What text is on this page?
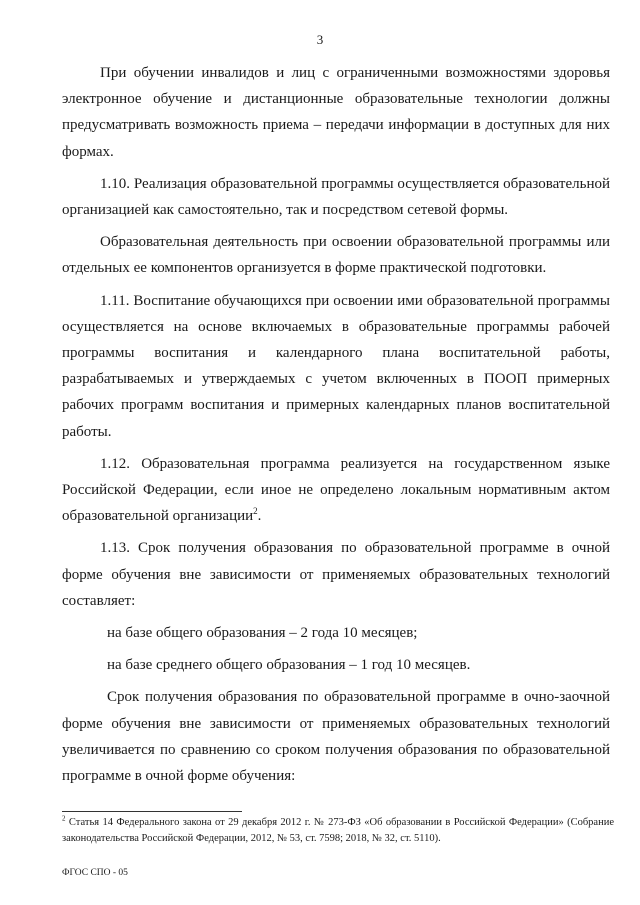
3

При обучении инвалидов и лиц с ограниченными возможностями здоровья электронное обучение и дистанционные образовательные технологии должны предусматривать возможность приема – передачи информации в доступных для них формах.

1.10. Реализация образовательной программы осуществляется образовательной организацией как самостоятельно, так и посредством сетевой формы.

Образовательная деятельность при освоении образовательной программы или отдельных ее компонентов организуется в форме практической подготовки.

1.11. Воспитание обучающихся при освоении ими образовательной программы осуществляется на основе включаемых в образовательные программы рабочей программы воспитания и календарного плана воспитательной работы, разрабатываемых и утверждаемых с учетом включенных в ПООП примерных рабочих программ воспитания и примерных календарных планов воспитательной работы.

1.12. Образовательная программа реализуется на государственном языке Российской Федерации, если иное не определено локальным нормативным актом образовательной организации$^2$.

1.13. Срок получения образования по образовательной программе в очной форме обучения вне зависимости от применяемых образовательных технологий составляет:

на базе общего образования – 2 года 10 месяцев;

на базе среднего общего образования – 1 год 10 месяцев.

Срок получения образования по образовательной программе в очно-заочной форме обучения вне зависимости от применяемых образовательных технологий увеличивается по сравнению со сроком получения образования по образовательной программе в очной форме обучения:

$^2$ Статья 14 Федерального закона от 29 декабря 2012 г. № 273-ФЗ «Об образовании в Российской Федерации» (Собрание законодательства Российской Федерации, 2012, № 53, ст. 7598; 2018, № 32, ст. 5110).
ФГОС СПО - 05
